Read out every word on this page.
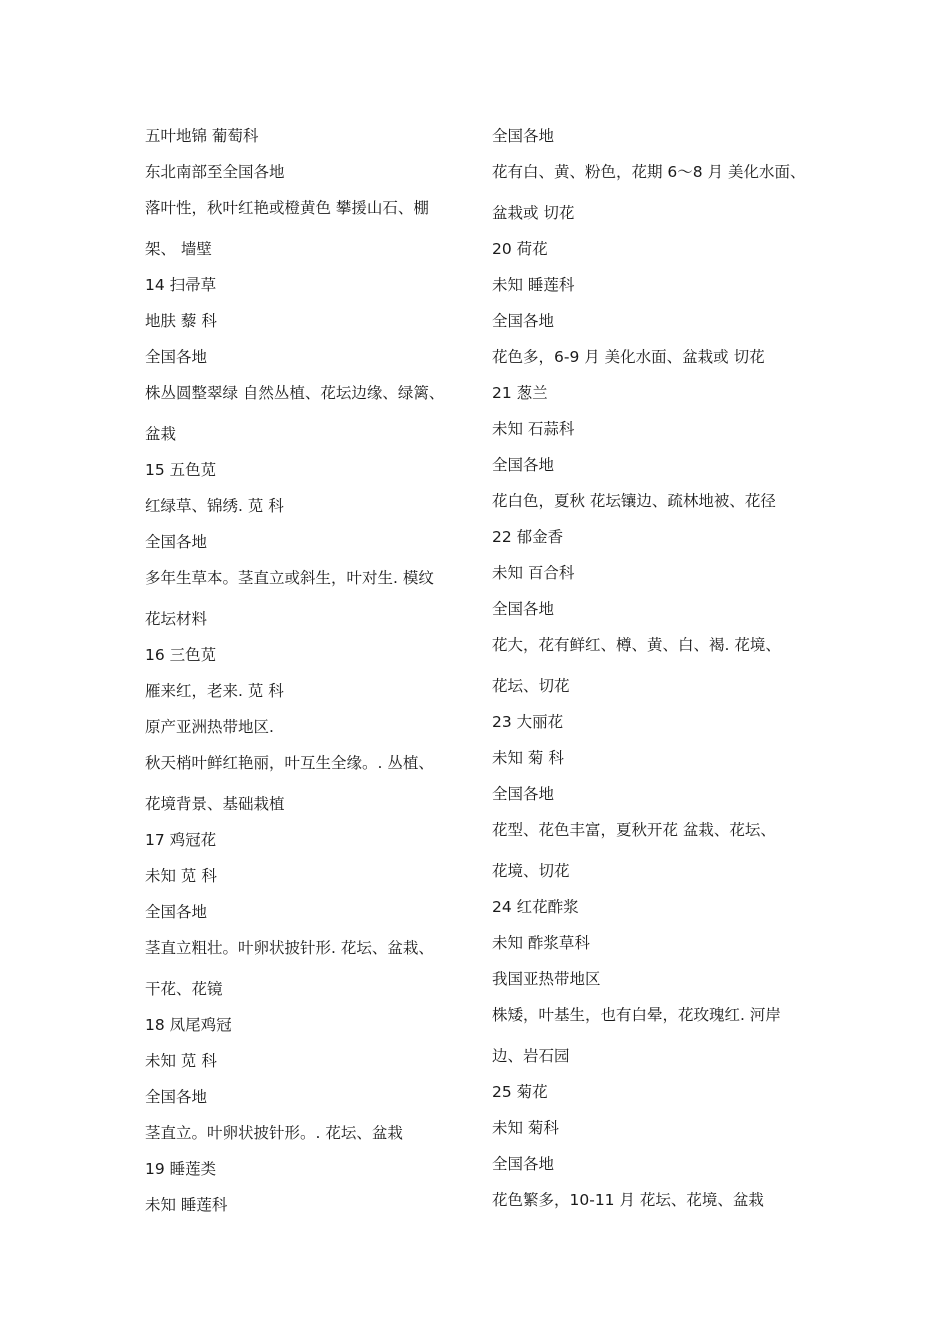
五叶地锦 葡萄科
东北南部至全国各地
落叶性，秋叶红艳或橙黄色 攀援山石、棚
架、 墙壁
14 扫帚草
地肤 藜 科
全国各地
株丛圆整翠绿 自然丛植、花坛边缘、绿篱、
盆栽
15 五色苋
红绿草、锦绣. 苋 科
全国各地
多年生草本。茎直立或斜生，叶对生. 模纹
花坛材料
16 三色苋
雁来红，老来. 苋 科
原产亚洲热带地区.
秋天梢叶鲜红艳丽，叶互生全缘。. 丛植、
花境背景、基础栽植
17 鸡冠花
未知 苋 科
全国各地
茎直立粗壮。叶卵状披针形. 花坛、盆栽、
干花、花镜
18 凤尾鸡冠
未知 苋 科
全国各地
茎直立。叶卵状披针形。. 花坛、盆栽
19 睡莲类
未知 睡莲科
全国各地
花有白、黄、粉色，花期 6～8 月 美化水面、
盆栽或 切花
20 荷花
未知 睡莲科
全国各地
花色多，6-9 月 美化水面、盆栽或 切花
21 葱兰
未知 石蒜科
全国各地
花白色，夏秋 花坛镶边、疏林地被、花径
22 郁金香
未知 百合科
全国各地
花大，花有鲜红、樽、黄、白、褐. 花境、
花坛、切花
23 大丽花
未知 菊 科
全国各地
花型、花色丰富，夏秋开花 盆栽、花坛、
花境、切花
24 红花酢浆
未知 酢浆草科
我国亚热带地区
株矮，叶基生，也有白晕，花玫瑰红. 河岸
边、岩石园
25 菊花
未知 菊科
全国各地
花色繁多，10-11 月 花坛、花境、盆栽
